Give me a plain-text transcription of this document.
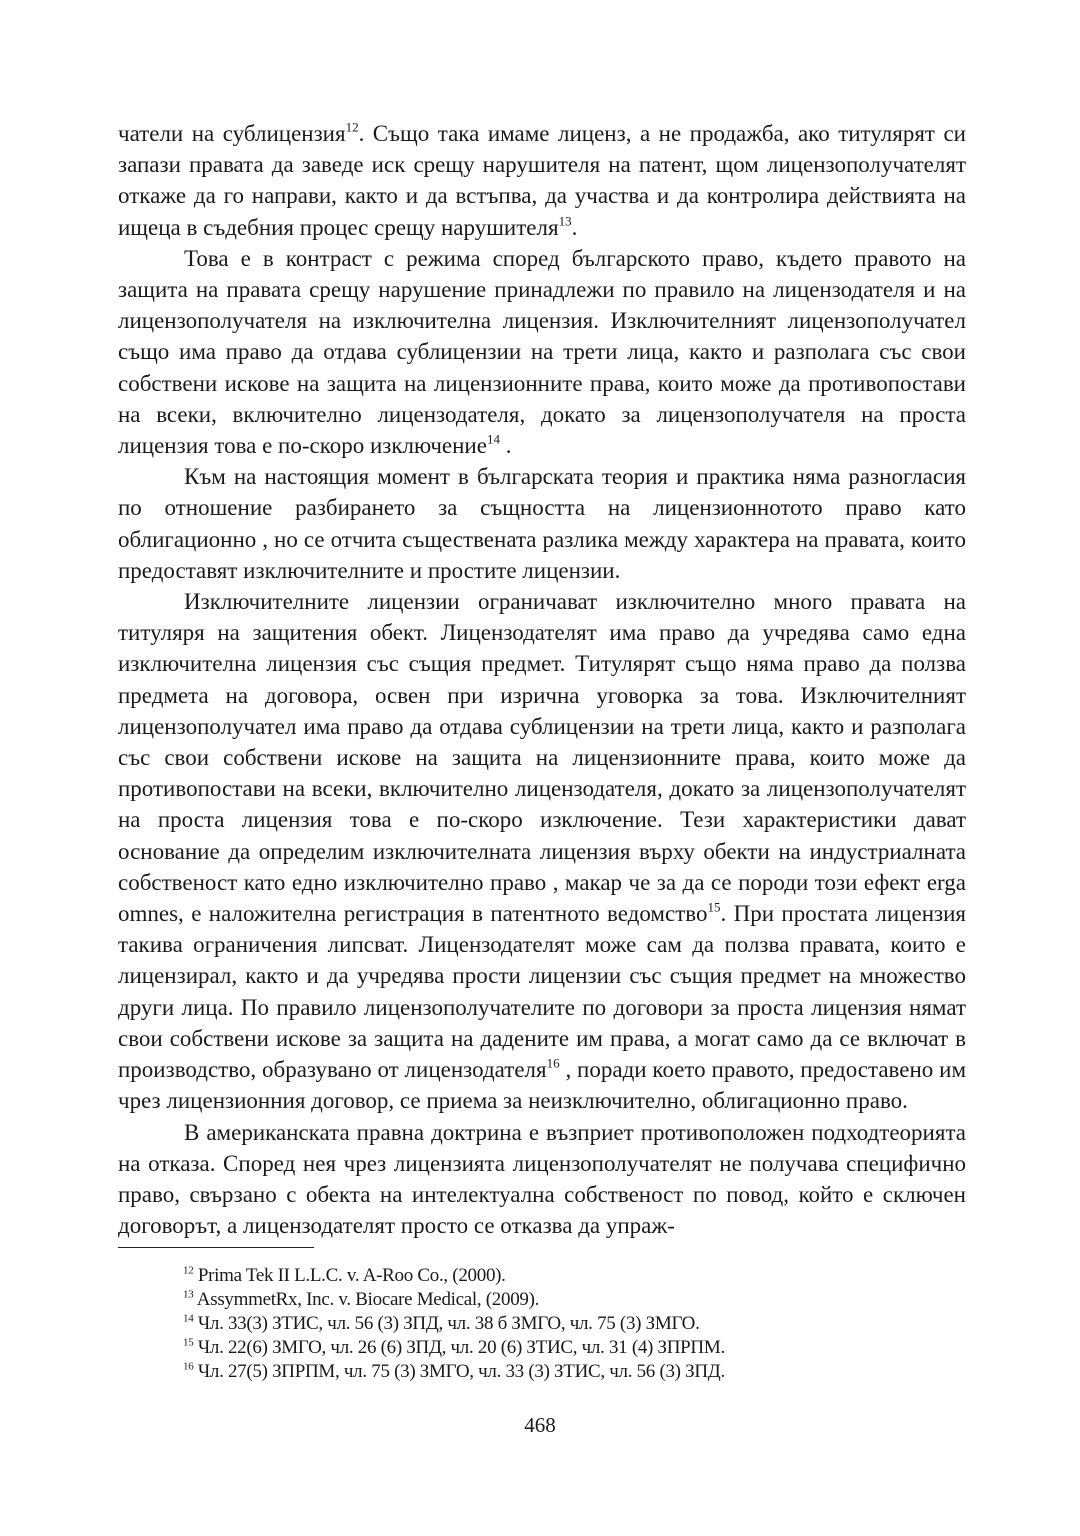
чатели на сублицензия$^{12}$. Също така имаме лиценз, а не продажба, ако титулярят си запази правата да заведе иск срещу нарушителя на патент, щом лицензополучателят откаже да го направи, както и да встъпва, да участва и да контролира действията на ищеца в съдебния процес срещу нарушителя$^{13}$.

Това е в контраст с режима според българското право, където правото на защита на правата срещу нарушение принадлежи по правило на лицензодателя и на лицензополучателя на изключителна лицензия. Изключителният лицензополучател също има право да отдава сублицензии на трети лица, както и разполага със свои собствени искове на защита на лицензионните права, които може да противопостави на всеки, включително лицензодателя, докато за лицензополучателя на проста лицензия това е по-скоро изключение$^{14}$ .

Към на настоящия момент в българската теория и практика няма разногласия по отношение разбирането за същността на лицензионнотото право като облигационно , но се отчита съществената разлика между характера на правата, които предоставят изключителните и простите лицензии.

Изключителните лицензии ограничават изключително много правата на титуляря на защитения обект. Лицензодателят има право да учредява само една изключителна лицензия със същия предмет. Титулярят също няма право да ползва предмета на договора, освен при изрична уговорка за това. Изключителният лицензополучател има право да отдава сублицензии на трети лица, както и разполага със свои собствени искове на защита на лицензионните права, които може да противопостави на всеки, включително лицензодателя, докато за лицензополучателят на проста лицензия това е по-скоро изключение. Тези характеристики дават основание да определим изключителната лицензия върху обекти на индустриалната собственост като едно изключително право , макар че за да се породи този ефект erga omnes, е наложителна регистрация в патентното ведомство$^{15}$. При простата лицензия такива ограничения липсват. Лицензодателят може сам да ползва правата, които е лицензирал, както и да учредява прости лицензии със същия предмет на множество други лица. По правило лицензополучателите по договори за проста лицензия нямат свои собствени искове за защита на дадените им права, а могат само да се включат в производство, образувано от лицензодателя$^{16}$ , поради което правото, предоставено им чрез лицензионния договор, се приема за неизключително, облигационно право.

В американската правна доктрина е възприет противоположен подходтеорията на отказа. Според нея чрез лицензията лицензополучателят не получава специфично право, свързано с обекта на интелектуална собственост по повод, който е сключен договорът, а лицензодателят просто се отказва да упраж-

$^{12}$ Prima Tek II L.L.C. v. A-Roo Co., (2000).

$^{13}$ AssymmetRx, Inc. v. Biocare Medical, (2009).

$^{14}$ Чл. 33(3) ЗТИС, чл. 56 (3) ЗПД, чл. 38 б ЗМГО, чл. 75 (3) ЗМГО.

$^{15}$ Чл. 22(6) ЗМГО, чл. 26 (6) ЗПД, чл. 20 (6) ЗТИС, чл. 31 (4) ЗПРПМ.

$^{16}$ Чл. 27(5) ЗПРПМ, чл. 75 (3) ЗМГО, чл. 33 (3) ЗТИС, чл. 56 (3) ЗПД.

468
